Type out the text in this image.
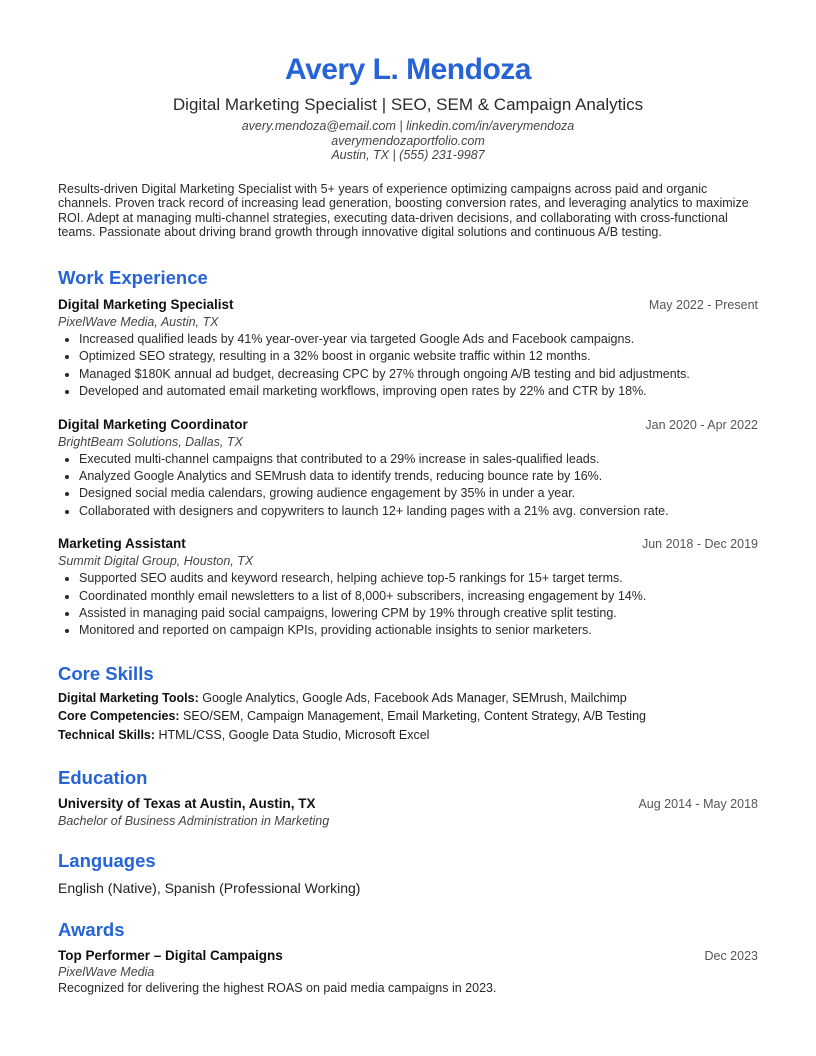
Avery L. Mendoza
Digital Marketing Specialist | SEO, SEM & Campaign Analytics
avery.mendoza@email.com | linkedin.com/in/averymendoza
averymendozaportfolio.com
Austin, TX | (555) 231-9987
Results-driven Digital Marketing Specialist with 5+ years of experience optimizing campaigns across paid and organic channels. Proven track record of increasing lead generation, boosting conversion rates, and leveraging analytics to maximize ROI. Adept at managing multi-channel strategies, executing data-driven decisions, and collaborating with cross-functional teams. Passionate about driving brand growth through innovative digital solutions and continuous A/B testing.
Work Experience
Digital Marketing Specialist	May 2022 - Present
PixelWave Media, Austin, TX
• Increased qualified leads by 41% year-over-year via targeted Google Ads and Facebook campaigns.
• Optimized SEO strategy, resulting in a 32% boost in organic website traffic within 12 months.
• Managed $180K annual ad budget, decreasing CPC by 27% through ongoing A/B testing and bid adjustments.
• Developed and automated email marketing workflows, improving open rates by 22% and CTR by 18%.
Digital Marketing Coordinator	Jan 2020 - Apr 2022
BrightBeam Solutions, Dallas, TX
• Executed multi-channel campaigns that contributed to a 29% increase in sales-qualified leads.
• Analyzed Google Analytics and SEMrush data to identify trends, reducing bounce rate by 16%.
• Designed social media calendars, growing audience engagement by 35% in under a year.
• Collaborated with designers and copywriters to launch 12+ landing pages with a 21% avg. conversion rate.
Marketing Assistant	Jun 2018 - Dec 2019
Summit Digital Group, Houston, TX
• Supported SEO audits and keyword research, helping achieve top-5 rankings for 15+ target terms.
• Coordinated monthly email newsletters to a list of 8,000+ subscribers, increasing engagement by 14%.
• Assisted in managing paid social campaigns, lowering CPM by 19% through creative split testing.
• Monitored and reported on campaign KPIs, providing actionable insights to senior marketers.
Core Skills
Digital Marketing Tools: Google Analytics, Google Ads, Facebook Ads Manager, SEMrush, Mailchimp
Core Competencies: SEO/SEM, Campaign Management, Email Marketing, Content Strategy, A/B Testing
Technical Skills: HTML/CSS, Google Data Studio, Microsoft Excel
Education
University of Texas at Austin, Austin, TX	Aug 2014 - May 2018
Bachelor of Business Administration in Marketing
Languages
English (Native), Spanish (Professional Working)
Awards
Top Performer – Digital Campaigns	Dec 2023
PixelWave Media
Recognized for delivering the highest ROAS on paid media campaigns in 2023.
